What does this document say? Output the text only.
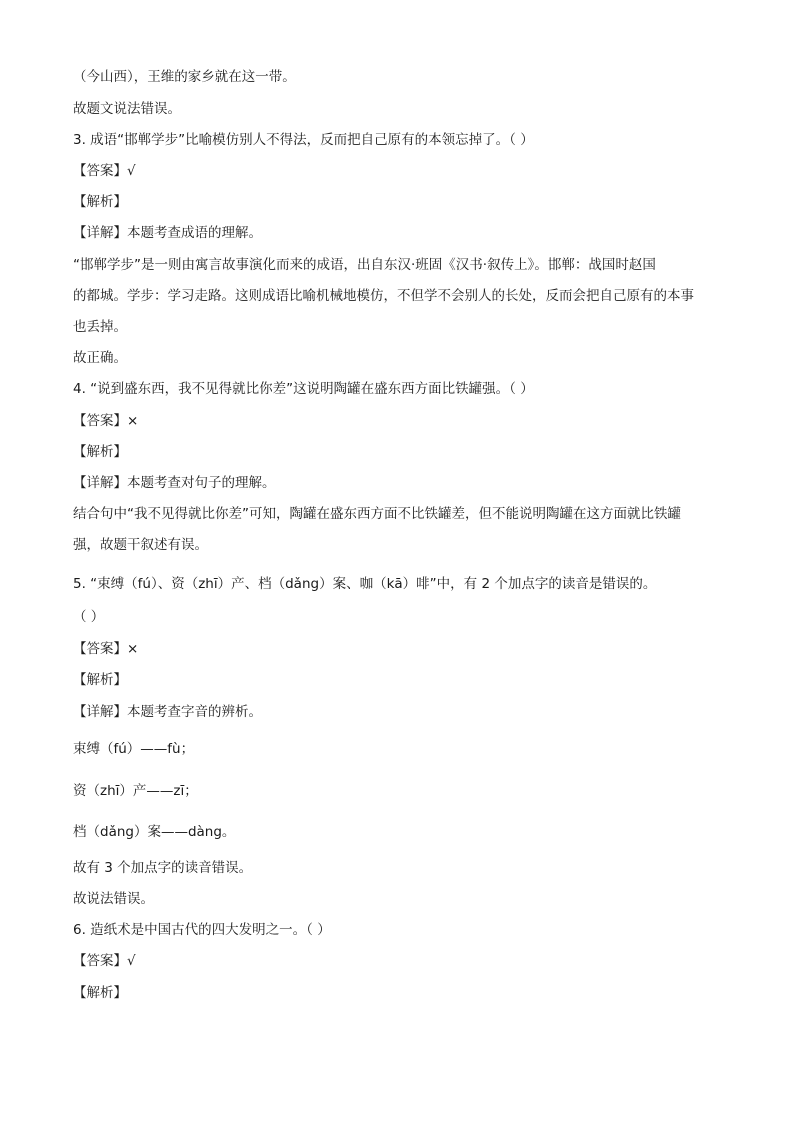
（今山西），王维的家乡就在这一带。
故题文说法错误。
3. 成语“邯郸学步”比喻模仿别人不得法，反而把自己原有的本领忘掉了。（ ）
【答案】√
【解析】
【详解】本题考查成语的理解。
“邯郸学步”是一则由寓言故事演化而来的成语，出自东汉·班固《汉书·叙传上》。邯郸：战国时赵国
的都城。学步：学习走路。这则成语比喻机械地模仿，不但学不会别人的长处，反而会把自己原有的本事
也丢掉。
故正确。
4. “说到盛东西，我不见得就比你差”这说明陶罐在盛东西方面比铁罐强。（ ）
【答案】×
【解析】
【详解】本题考查对句子的理解。
结合句中“我不见得就比你差”可知，陶罐在盛东西方面不比铁罐差，但不能说明陶罐在这方面就比铁罐
强，故题干叙述有误。
5. “束缚（fú）、资（zhī）产、档（dǎng）案、咖（kā）啡”中，有 2 个加点字的读音是错误的。
（ ）
【答案】×
【解析】
【详解】本题考查字音的辨析。
束缚（fú）——fù；
资（zhī）产——zī；
档（dǎng）案——dàng。
故有 3 个加点字的读音错误。
故说法错误。
6. 造纸术是中国古代的四大发明之一。（ ）
【答案】√
【解析】
